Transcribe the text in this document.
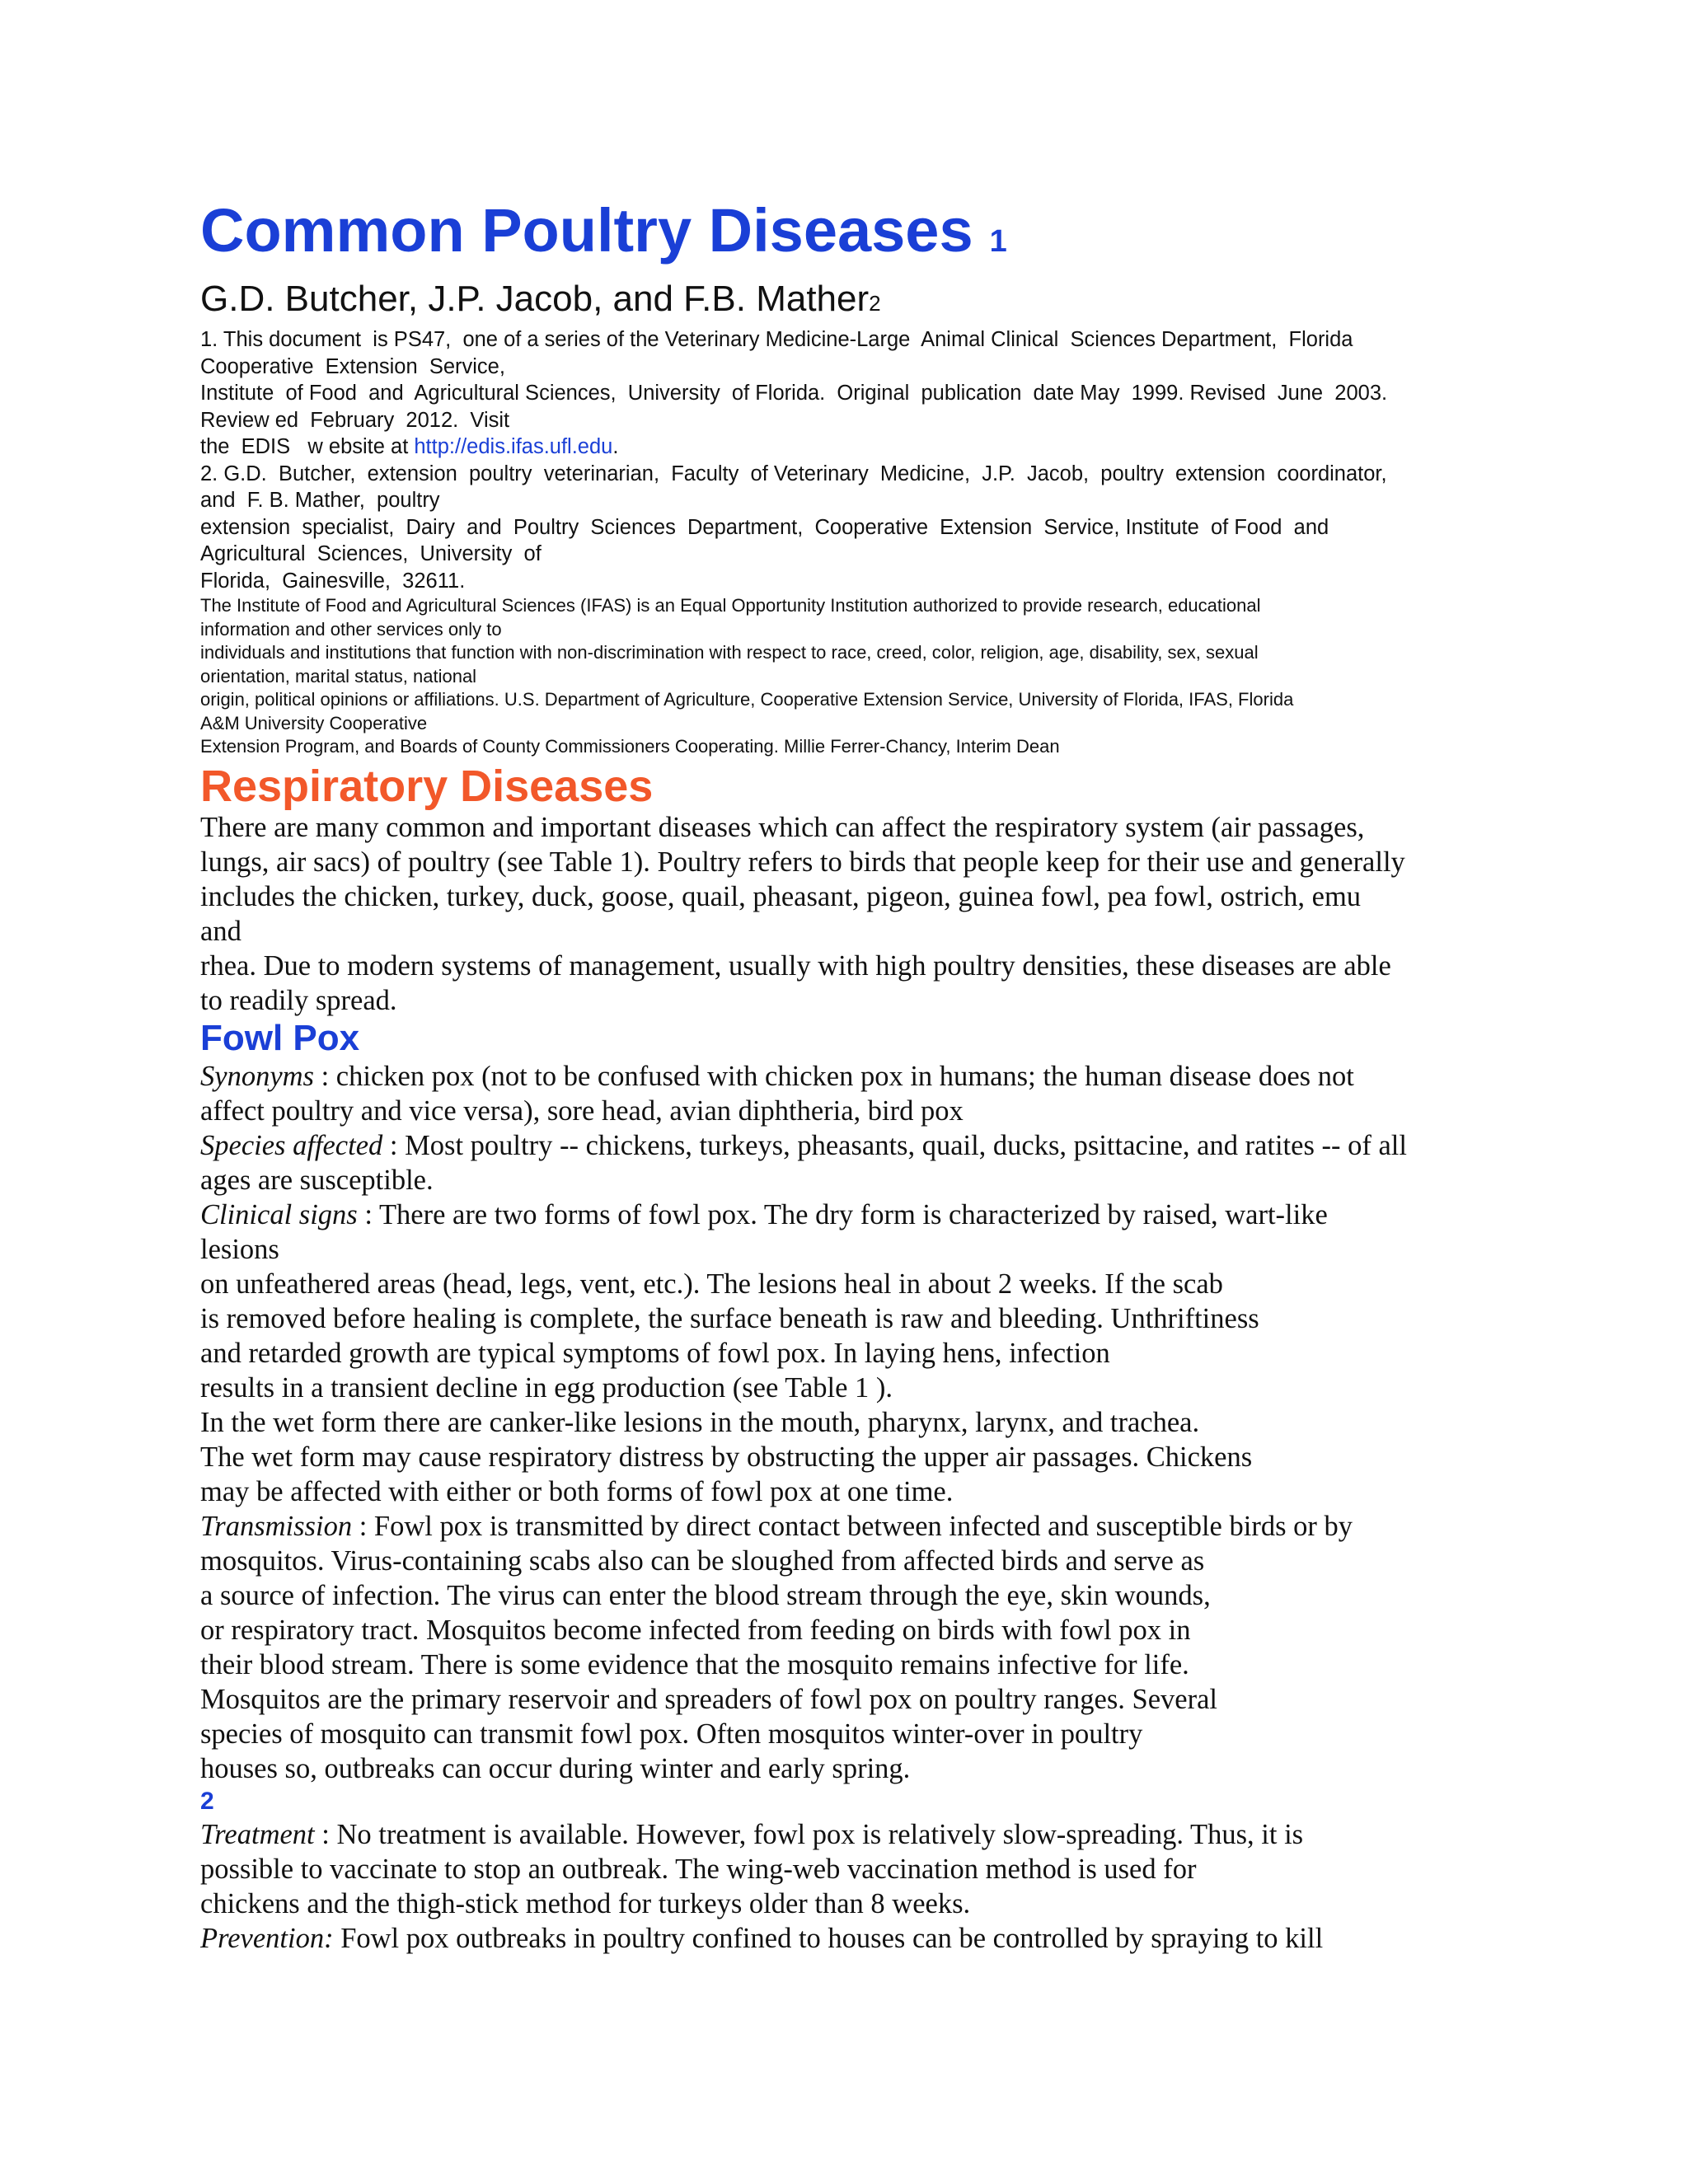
Common Poultry Diseases 1
G.D. Butcher, J.P. Jacob, and F.B. Mather2
1. This document  is PS47,  one of a series of the Veterinary Medicine-Large  Animal Clinical  Sciences Department,  Florida
Cooperative  Extension  Service,
Institute  of Food  and  Agricultural Sciences,  University  of Florida.  Original  publication  date May  1999. Revised  June  2003.
Review ed  February  2012.  Visit
the  EDIS   w ebsite at http://edis.ifas.ufl.edu.
2. G.D.  Butcher,  extension  poultry  veterinarian,  Faculty  of Veterinary  Medicine,  J.P.  Jacob,  poultry  extension  coordinator,
and  F. B. Mather,  poultry
extension  specialist,  Dairy  and  Poultry  Sciences  Department,  Cooperative  Extension  Service, Institute  of Food  and
Agricultural  Sciences,  University  of
Florida,  Gainesville,  32611.
The Institute of Food and Agricultural Sciences (IFAS) is an Equal Opportunity Institution authorized to provide research, educational
information and other services only to
individuals and institutions that function with non-discrimination with respect to race, creed, color, religion, age, disability, sex, sexual
orientation, marital status, national
origin, political opinions or affiliations. U.S. Department of Agriculture, Cooperative Extension Service, University of Florida, IFAS, Florida
A&M University Cooperative
Extension Program, and Boards of County Commissioners Cooperating. Millie Ferrer-Chancy, Interim Dean
Respiratory Diseases
There are many common and important diseases which can affect the respiratory system (air passages,
lungs, air sacs) of poultry (see Table 1). Poultry refers to birds that people keep for their use and generally
includes the chicken, turkey, duck, goose, quail, pheasant, pigeon, guinea fowl, pea fowl, ostrich, emu
and
rhea. Due to modern systems of management, usually with high poultry densities, these diseases are able
to readily spread.
Fowl Pox
Synonyms : chicken pox (not to be confused with chicken pox in humans; the human disease does not
affect poultry and vice versa), sore head, avian diphtheria, bird pox
Species affected : Most poultry -- chickens, turkeys, pheasants, quail, ducks, psittacine, and ratites -- of all
ages are susceptible.
Clinical signs : There are two forms of fowl pox. The dry form is characterized by raised, wart-like
lesions
on unfeathered areas (head, legs, vent, etc.). The lesions heal in about 2 weeks. If the scab
is removed before healing is complete, the surface beneath is raw and bleeding. Unthriftiness
and retarded growth are typical symptoms of fowl pox. In laying hens, infection
results in a transient decline in egg production (see Table 1 ).
In the wet form there are canker-like lesions in the mouth, pharynx, larynx, and trachea.
The wet form may cause respiratory distress by obstructing the upper air passages. Chickens
may be affected with either or both forms of fowl pox at one time.
Transmission : Fowl pox is transmitted by direct contact between infected and susceptible birds or by
mosquitos. Virus-containing scabs also can be sloughed from affected birds and serve as
a source of infection. The virus can enter the blood stream through the eye, skin wounds,
or respiratory tract. Mosquitos become infected from feeding on birds with fowl pox in
their blood stream. There is some evidence that the mosquito remains infective for life.
Mosquitos are the primary reservoir and spreaders of fowl pox on poultry ranges. Several
species of mosquito can transmit fowl pox. Often mosquitos winter-over in poultry
houses so, outbreaks can occur during winter and early spring.
2
Treatment : No treatment is available. However, fowl pox is relatively slow-spreading. Thus, it is
possible to vaccinate to stop an outbreak. The wing-web vaccination method is used for
chickens and the thigh-stick method for turkeys older than 8 weeks.
Prevention: Fowl pox outbreaks in poultry confined to houses can be controlled by spraying to kill
